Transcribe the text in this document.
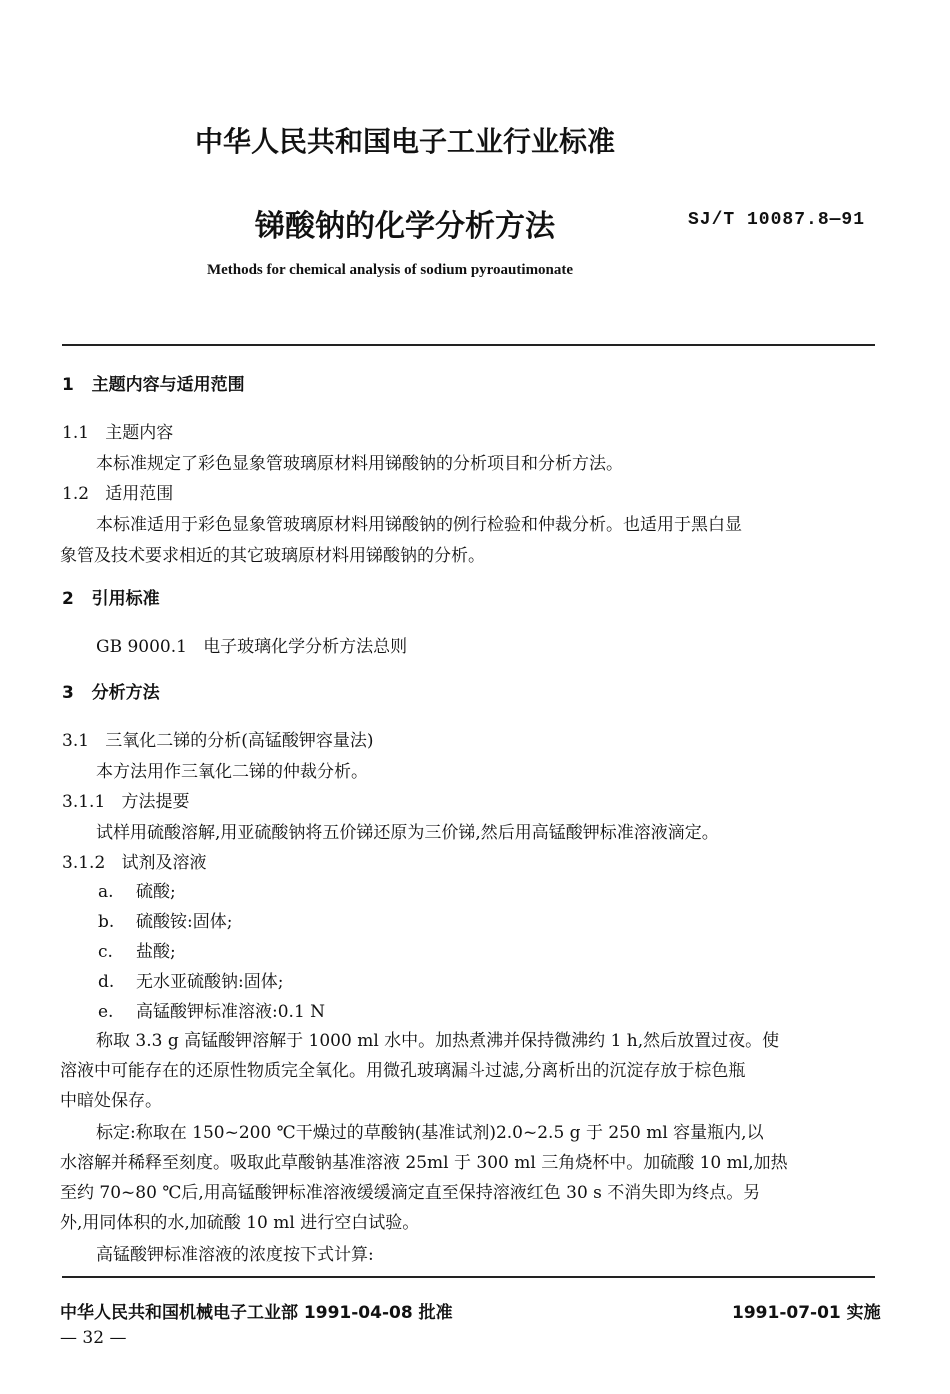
中华人民共和国电子工业行业标准
锑酸钠的化学分析方法	SJ/T 10087.8—91
Methods for chemical analysis of sodium pyroautimonate
1 主题内容与适用范围
1.1 主题内容
本标准规定了彩色显象管玻璃原材料用锑酸钠的分析项目和分析方法。
1.2 适用范围
本标准适用于彩色显象管玻璃原材料用锑酸钠的例行检验和仲裁分析。也适用于黑白显
象管及技术要求相近的其它玻璃原材料用锑酸钠的分析。
2 引用标准
GB 9000.1 电子玻璃化学分析方法总则
3 分析方法
3.1 三氧化二锑的分析(高锰酸钾容量法)
本方法用作三氧化二锑的仲裁分析。
3.1.1 方法提要
试样用硫酸溶解,用亚硫酸钠将五价锑还原为三价锑,然后用高锰酸钾标准溶液滴定。
3.1.2 试剂及溶液
a. 硫酸;
b. 硫酸铵:固体;
c. 盐酸;
d. 无水亚硫酸钠:固体;
e. 高锰酸钾标准溶液:0.1 N
称取 3.3 g 高锰酸钾溶解于 1000 ml 水中。加热煮沸并保持微沸约 1 h,然后放置过夜。使
溶液中可能存在的还原性物质完全氧化。用微孔玻璃漏斗过滤,分离析出的沉淀存放于棕色瓶
中暗处保存。
标定:称取在 150~200 ℃干燥过的草酸钠(基准试剂)2.0~2.5 g 于 250 ml 容量瓶内,以
水溶解并稀释至刻度。吸取此草酸钠基准溶液 25ml 于 300 ml 三角烧杯中。加硫酸 10 ml,加热
至约 70~80 ℃后,用高锰酸钾标准溶液缓缓滴定直至保持溶液红色 30 s 不消失即为终点。另
外,用同体积的水,加硫酸 10 ml 进行空白试验。
高锰酸钾标准溶液的浓度按下式计算:
中华人民共和国机械电子工业部 1991-04-08 批准	1991-07-01 实施
— 32 —
